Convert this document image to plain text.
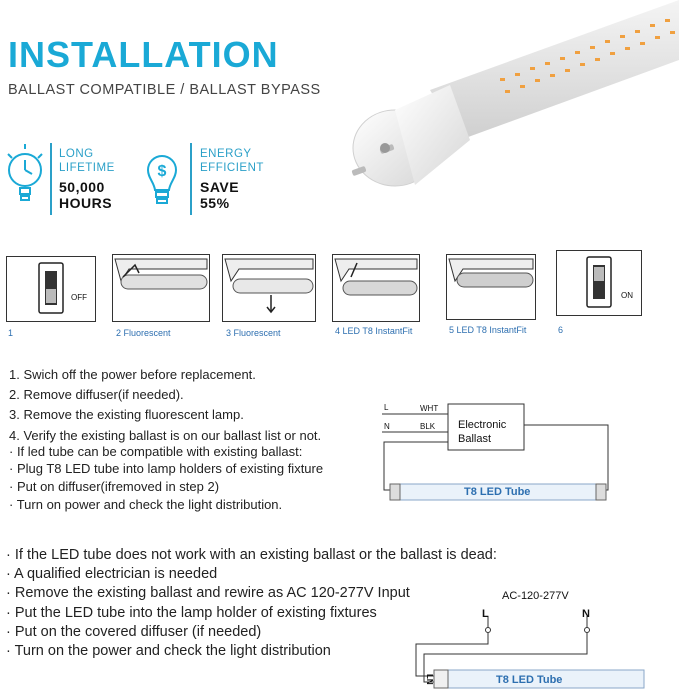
INSTALLATION
BALLAST COMPATIBLE / BALLAST BYPASS
LONG
LIFETIME
50,000
HOURS
$
ENERGY
EFFICIENT
SAVE
55%
OFF	ON
1	2 Fluorescent	3 Fluorescent	4 LED T8 InstantFit	5 LED T8 InstantFit	6
1. Swich off the power before replacement.
2. Remove diffuser(if needed).
3. Remove the existing fluorescent lamp.
4. Verify the existing ballast is on our ballast list or not.
· If led tube can be compatible with existing ballast:
· Plug T8 LED tube into lamp holders of existing fixture
· Put on diffuser(ifremoved in step 2)
· Turn on power and check the light distribution.
L
N
WHT
BLK Electronic
Ballast
T8 LED Tube
· If the LED tube does not work with an existing ballast or the ballast is dead:
· A qualified electrician is needed
· Remove the existing ballast and rewire as AC 120-277V Input
· Put the LED tube into the lamp holder of existing fixtures
· Put on the covered diffuser (if needed)
· Turn on the power and check the light distribution
AC-120-277V
L	N
LN	T8 LED Tube
